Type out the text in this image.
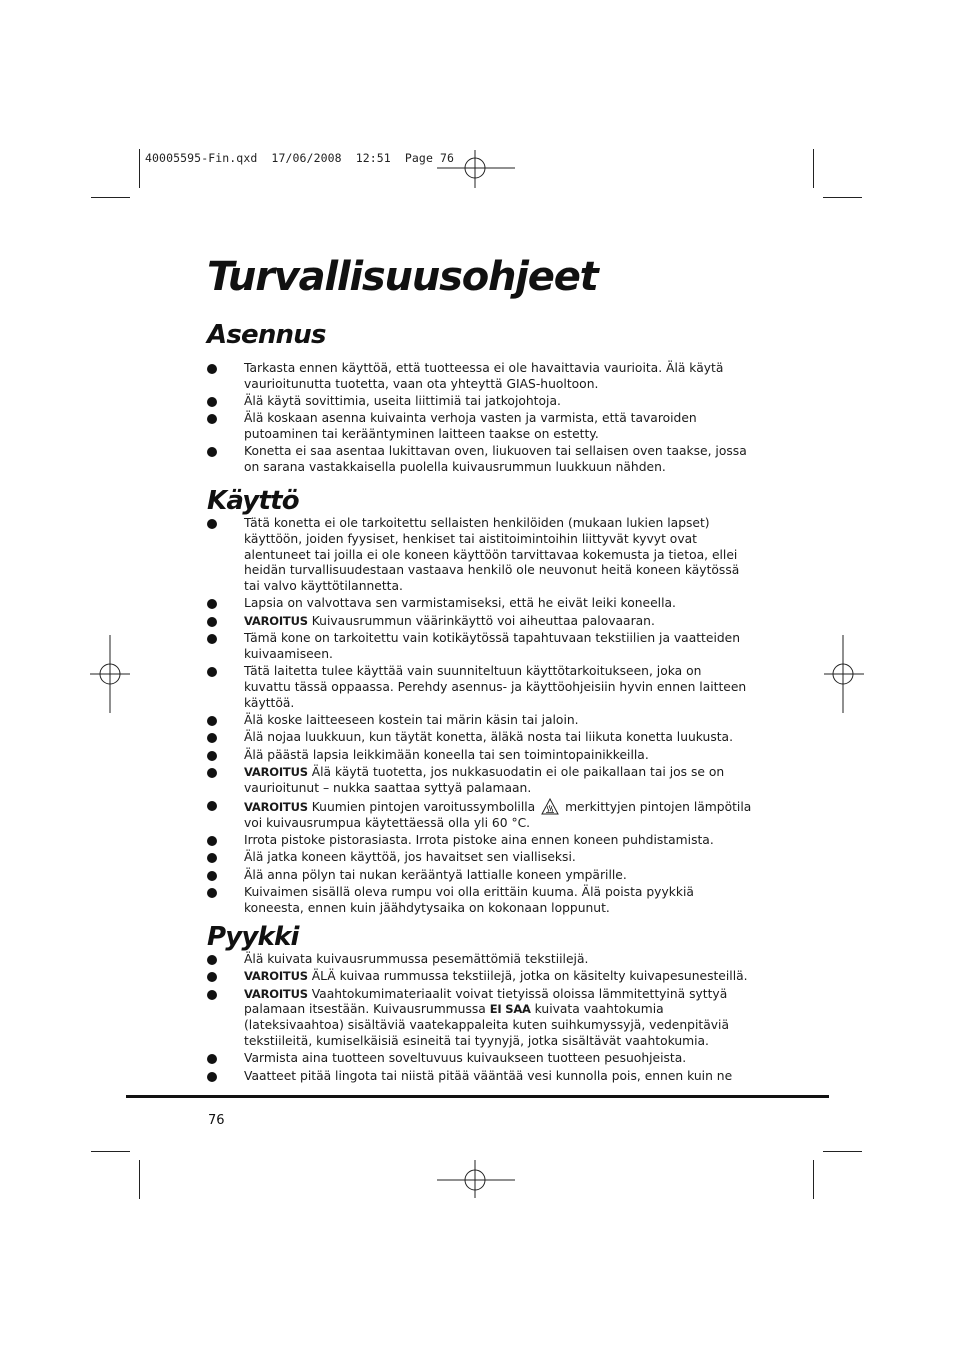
40005595-Fin.qxd  17/06/2008  12:51  Page 76
Turvallisuusohjeet
Asennus
Käyttö
Pyykki
Tarkasta ennen käyttöä, että tuotteessa ei ole havaittavia vaurioita. Älä käytä vaurioitunutta tuotetta, vaan ota yhteyttä GIAS-huoltoon.
Älä käytä sovittimia, useita liittimiä tai jatkojohtoja.
Älä koskaan asenna kuivainta verhoja vasten ja varmista, että tavaroiden putoaminen tai kerääntyminen laitteen taakse on estetty.
Konetta ei saa asentaa lukittavan oven, liukuoven tai sellaisen oven taakse, jossa on sarana vastakkaisella puolella kuivausrummun luukkuun nähden.
Tätä konetta ei ole tarkoitettu sellaisten henkilöiden (mukaan lukien lapset) käyttöön, joiden fyysiset, henkiset tai aistitoimintoihin liittyvät kyvyt ovat alentuneet tai joilla ei ole koneen käyttöön tarvittavaa kokemusta ja tietoa, ellei heidän turvallisuudestaan vastaava henkilö ole neuvonut heitä koneen käytössä tai valvo käyttötilannetta.
Lapsia on valvottava sen varmistamiseksi, että he eivät leiki koneella.
VAROITUS Kuivausrummun väärinkäyttö voi aiheuttaa palovaaran.
Tämä kone on tarkoitettu vain kotikäytössä tapahtuvaan tekstiilien ja vaatteiden kuivaamiseen.
Tätä laitetta tulee käyttää vain suunniteltuun käyttötarkoitukseen, joka on kuvattu tässä oppaassa. Perehdy asennus- ja käyttöohjeisiin hyvin ennen laitteen käyttöä.
Älä koske laitteeseen kostein tai märin käsin tai jaloin.
Älä nojaa luukkuun, kun täytät konetta, äläkä nosta tai liikuta konetta luukusta.
Älä päästä lapsia leikkimään koneella tai sen toimintopainikkeilla.
VAROITUS Älä käytä tuotetta, jos nukkasuodatin ei ole paikallaan tai jos se on vaurioitunut – nukka saattaa syttyä palamaan.
VAROITUS Kuumien pintojen varoitussymbolilla merkittyjen pintojen lämpötila voi kuivausrumpua käytettäessä olla yli 60 °C.
Irrota pistoke pistorasiasta. Irrota pistoke aina ennen koneen puhdistamista.
Älä jatka koneen käyttöä, jos havaitset sen vialliseksi.
Älä anna pölyn tai nukan kerääntyä lattialle koneen ympärille.
Kuivaimen sisällä oleva rumpu voi olla erittäin kuuma. Älä poista pyykkiä koneesta, ennen kuin jäähdytysaika on kokonaan loppunut.
Älä kuivata kuivausrummussa pesemättömiä tekstiilejä.
VAROITUS ÄLÄ kuivaa rummussa tekstiilejä, jotka on käsitelty kuivapesunesteillä.
VAROITUS Vaahtokumimateriaalit voivat tietyissä oloissa lämmitettyinä syttyä palamaan itsestään. Kuivausrummussa EI SAA kuivata vaahtokumia (lateksivaahtoa) sisältäviä vaatekappaleita kuten suihkumyssyjä, vedenpitäviä tekstiileitä, kumiselkäisiä esineitä tai tyynyjä, jotka sisältävät vaahtokumia.
Varmista aina tuotteen soveltuvuus kuivaukseen tuotteen pesuohjeista.
Vaatteet pitää lingota tai niistä pitää vääntää vesi kunnolla pois, ennen kuin ne
76
